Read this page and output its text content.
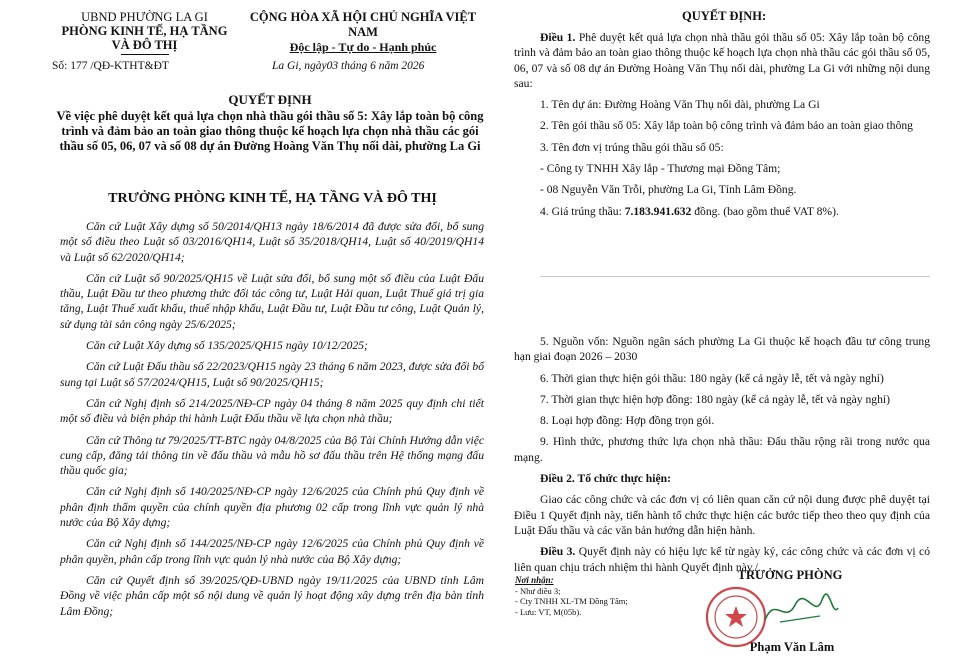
UBND PHƯỜNG LA GI
PHÒNG KINH TẾ, HẠ TẦNG
VÀ ĐÔ THỊ
Số: 177 /QĐ-KTHT&ĐT
CỘNG HÒA XÃ HỘI CHỦ NGHĨA VIỆT NAM
Độc lập - Tự do - Hạnh phúc
La Gi, ngày03 tháng 6 năm 2026
QUYẾT ĐỊNH
Về việc phê duyệt kết quả lựa chọn nhà thầu gói thầu số 5: Xây lắp toàn bộ công trình và đảm bảo an toàn giao thông thuộc kế hoạch lựa chọn nhà thầu các gói thầu số 05, 06, 07 và số 08 dự án Đường Hoàng Văn Thụ nối dài, phường La Gi
TRƯỞNG PHÒNG KINH TẾ, HẠ TẦNG VÀ ĐÔ THỊ

Căn cứ Luật Xây dựng số 50/2014/QH13 ngày 18/6/2014 đã được sửa đổi, bổ sung một số điều theo Luật số 03/2016/QH14, Luật số 35/2018/QH14, Luật số 40/2019/QH14 và Luật số 62/2020/QH14;

Căn cứ Luật số 90/2025/QH15 về Luật sửa đổi, bổ sung một số điều của Luật Đấu thầu, Luật Đầu tư theo phương thức đối tác công tư, Luật Hải quan, Luật Thuế giá trị gia tăng, Luật Thuế xuất khẩu, thuế nhập khẩu, Luật Đầu tư, Luật Đầu tư công, Luật Quản lý, sử dụng tài sản công ngày 25/6/2025;

Căn cứ Luật Xây dựng số 135/2025/QH15 ngày 10/12/2025;

Căn cứ Luật Đấu thầu số 22/2023/QH15 ngày 23 tháng 6 năm 2023, được sửa đổi bổ sung tại Luật số 57/2024/QH15, Luật số 90/2025/QH15;

Căn cứ Nghị định số 214/2025/NĐ-CP ngày 04 tháng 8 năm 2025 quy định chi tiết một số điều và biện pháp thi hành Luật Đấu thầu về lựa chọn nhà thầu;

Căn cứ Thông tư 79/2025/TT-BTC ngày 04/8/2025 của Bộ Tài Chính Hướng dẫn việc cung cấp, đăng tải thông tin về đấu thầu và mẫu hồ sơ đấu thầu trên Hệ thống mạng đấu thầu quốc gia;

Căn cứ Nghị định số 140/2025/NĐ-CP ngày 12/6/2025 của Chính phủ Quy định về phân định thẩm quyền của chính quyền địa phương 02 cấp trong lĩnh vực quản lý nhà nước của Bộ Xây dựng;

Căn cứ Nghị định số 144/2025/NĐ-CP ngày 12/6/2025 của Chính phủ Quy định về phân quyền, phân cấp trong lĩnh vực quản lý nhà nước của Bộ Xây dựng;

Căn cứ Quyết định số 39/2025/QĐ-UBND ngày 19/11/2025 của UBND tỉnh Lâm Đồng về việc phân cấp một số nội dung về quản lý hoạt động xây dựng trên địa bàn tỉnh Lâm Đồng;

QUYẾT ĐỊNH:

Điều 1. Phê duyệt kết quả lựa chọn nhà thầu gói thầu số 05: Xây lắp toàn bộ công trình và đảm bảo an toàn giao thông thuộc kế hoạch lựa chọn nhà thầu các gói thầu số 05, 06, 07 và số 08 dự án Đường Hoàng Văn Thụ nối dài, phường La Gi với những nội dung sau:

1. Tên dự án: Đường Hoàng Văn Thụ nối dài, phường La Gi

2. Tên gói thầu số 05: Xây lắp toàn bộ công trình và đảm bảo an toàn giao thông

3. Tên đơn vị trúng thầu gói thầu số 05:

- Công ty TNHH Xây lắp - Thương mại Đồng Tâm;

- 08 Nguyễn Văn Trỗi, phường La Gi, Tỉnh Lâm Đồng.

4. Giá trúng thầu: 7.183.941.632 đồng. (bao gồm thuế VAT 8%).

5. Nguồn vốn: Nguồn ngân sách phường La Gi thuộc kế hoạch đầu tư công trung hạn giai đoạn 2026 – 2030

6. Thời gian thực hiện gói thầu: 180 ngày (kể cả ngày lễ, tết và ngày nghỉ)

7. Thời gian thực hiện hợp đồng: 180 ngày (kể cả ngày lễ, tết và ngày nghỉ)

8. Loại hợp đồng: Hợp đồng trọn gói.

9. Hình thức, phương thức lựa chọn nhà thầu: Đấu thầu rộng rãi trong nước qua mạng.

Điều 2. Tổ chức thực hiện:

Giao các công chức và các đơn vị có liên quan căn cứ nội dung được phê duyệt tại Điều 1 Quyết định này, tiến hành tổ chức thực hiện các bước tiếp theo theo quy định của Luật Đấu thầu và các văn bản hướng dẫn hiện hành.

Điều 3. Quyết định này có hiệu lực kể từ ngày ký, các công chức và các đơn vị có liên quan chịu trách nhiệm thi hành Quyết định này./.

Nơi nhận:
- Như điều 3;
- Cty TNHH XL-TM Đồng Tâm;
- Lưu: VT, M(05b).
TRƯỞNG PHÒNG
Phạm Văn Lâm
